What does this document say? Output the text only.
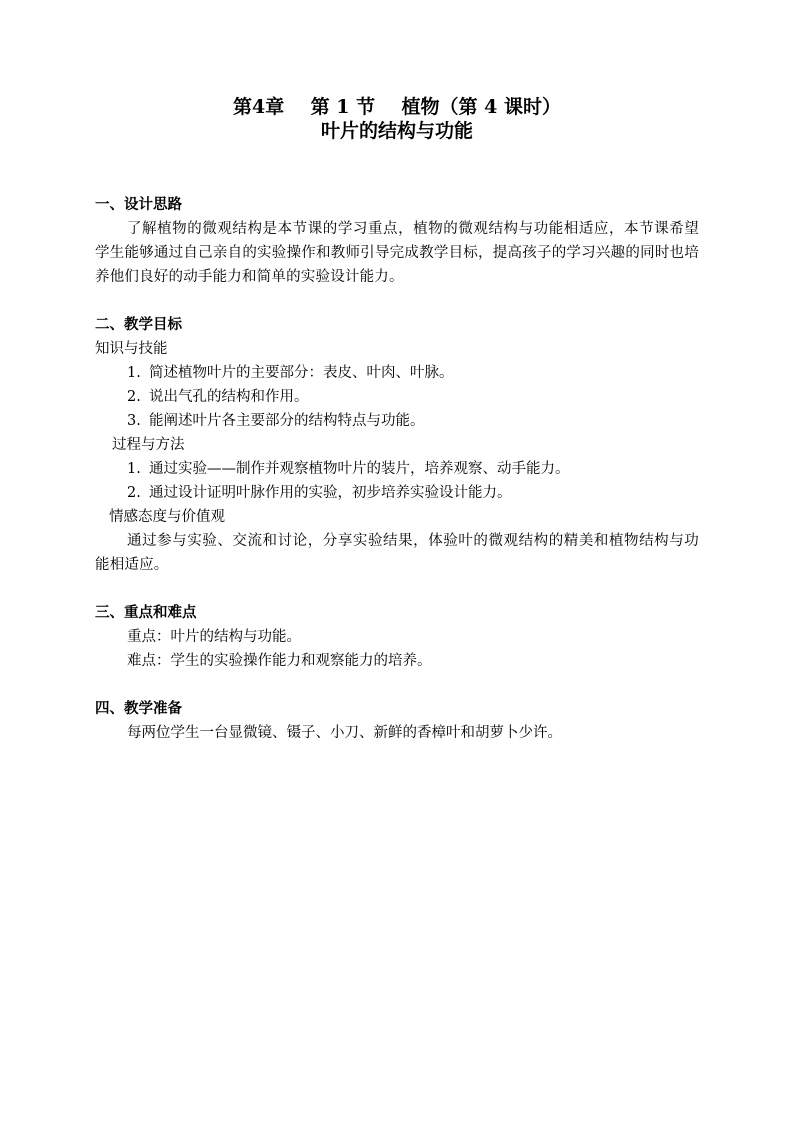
第4章    第 1 节    植物（第 4 课时）
叶片的结构与功能

一、设计思路

了解植物的微观结构是本节课的学习重点，植物的微观结构与功能相适应，本节课希望学生能够通过自己亲自的实验操作和教师引导完成教学目标，提高孩子的学习兴趣的同时也培养他们良好的动手能力和简单的实验设计能力。

二、教学目标

知识与技能

1. 简述植物叶片的主要部分：表皮、叶肉、叶脉。

2. 说出气孔的结构和作用。

3. 能阐述叶片各主要部分的结构特点与功能。

过程与方法

1. 通过实验——制作并观察植物叶片的装片，培养观察、动手能力。

2. 通过设计证明叶脉作用的实验，初步培养实验设计能力。

情感态度与价值观

通过参与实验、交流和讨论，分享实验结果，体验叶的微观结构的精美和植物结构与功能相适应。

三、重点和难点

重点：叶片的结构与功能。

难点：学生的实验操作能力和观察能力的培养。

四、教学准备

每两位学生一台显微镜、镊子、小刀、新鲜的香樟叶和胡萝卜少许。
